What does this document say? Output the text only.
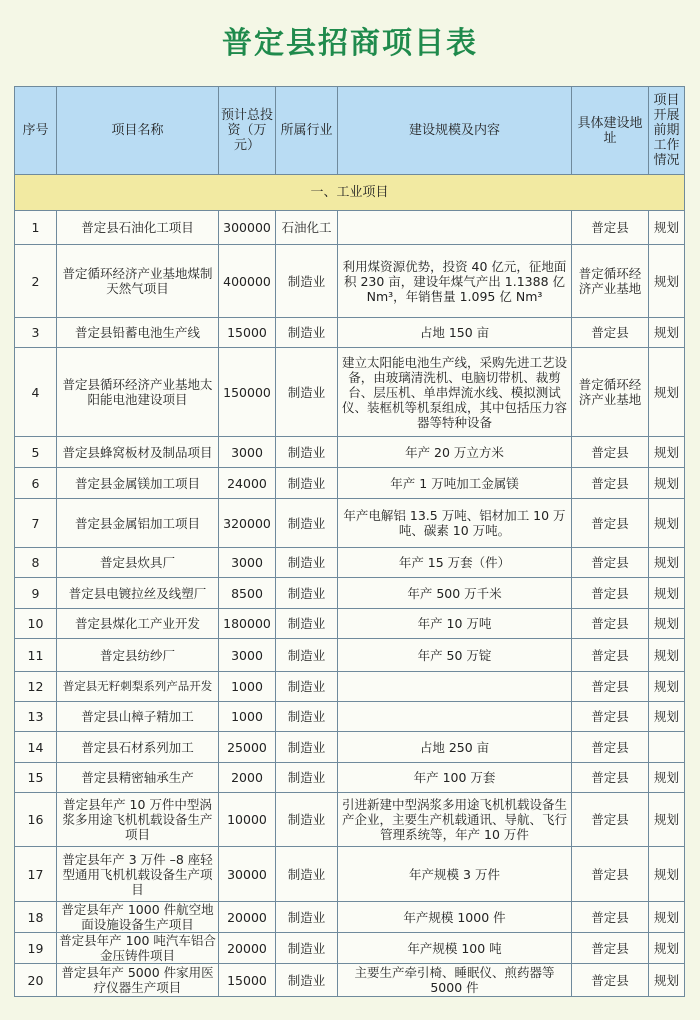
普定县招商项目表
序号	项目名称	预计总投资（万元）	所属行业	建设规模及内容	具体建设地址	项目开展前期工作情况
一、工业项目						
1	普定县石油化工项目	300000	石油化工		普定县	规划
2	普定循环经济产业基地煤制天然气项目	400000	制造业	利用煤资源优势，投资 40 亿元，征地面积 230 亩，建设年煤气产出 1.1388 亿 Nm³，年销售量 1.095 亿 Nm³	普定循环经济产业基地	规划
3	普定县铅蓄电池生产线	15000	制造业	占地 150 亩	普定县	规划
4	普定县循环经济产业基地太阳能电池建设项目	150000	制造业	建立太阳能电池生产线，采购先进工艺设备，由玻璃清洗机、电脑切带机、裁剪台、层压机、单串焊流水线、模拟测试仪、装框机等机泵组成，其中包括压力容器等特种设备	普定循环经济产业基地	规划
5	普定县蜂窝板材及制品项目	3000	制造业	年产 20 万立方米	普定县	规划
6	普定县金属镁加工项目	24000	制造业	年产 1 万吨加工金属镁	普定县	规划
7	普定县金属铝加工项目	320000	制造业	年产电解铝 13.5 万吨、铝材加工 10 万吨、碳素 10 万吨。	普定县	规划
8	普定县炊具厂	3000	制造业	年产 15 万套（件）	普定县	规划
9	普定县电镀拉丝及线塑厂	8500	制造业	年产 500 万千米	普定县	规划
10	普定县煤化工产业开发	180000	制造业	年产 10 万吨	普定县	规划
11	普定县纺纱厂	3000	制造业	年产 50 万锭	普定县	规划
12	普定县无籽刺梨系列产品开发	1000	制造业		普定县	规划
13	普定县山樟子精加工	1000	制造业		普定县	规划
14	普定县石材系列加工	25000	制造业	占地 250 亩	普定县	
15	普定县精密轴承生产	2000	制造业	年产 100 万套	普定县	规划
16	普定县年产 10 万件中型涡浆多用途飞机机载设备生产项目	10000	制造业	引进新建中型涡浆多用途飞机机载设备生产企业，主要生产机载通讯、导航、飞行管理系统等，年产 10 万件	普定县	规划
17	普定县年产 3 万件 –8 座轻型通用飞机机载设备生产项目	30000	制造业	年产规模 3 万件	普定县	规划
18	普定县年产 1000 件航空地面设施设备生产项目	20000	制造业	年产规模 1000 件	普定县	规划
19	普定县年产 100 吨汽车铝合金压铸件项目	20000	制造业	年产规模 100 吨	普定县	规划
20	普定县年产 5000 件家用医疗仪器生产项目	15000	制造业	主要生产牵引椅、睡眠仪、煎药器等 5000 件	普定县	规划
